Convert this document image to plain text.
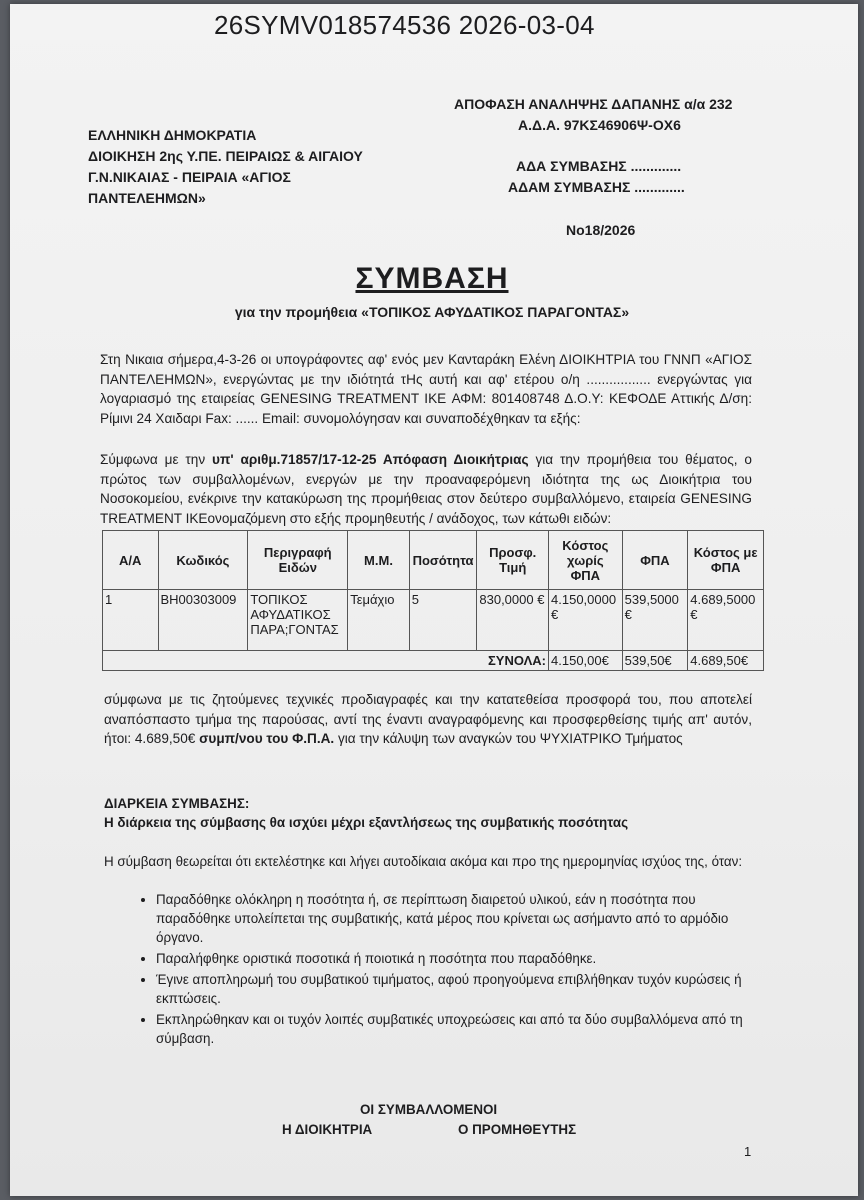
26SYMV018574536 2026-03-04
ΕΛΛΗΝΙΚΗ ΔΗΜΟΚΡΑΤΙΑ
ΔΙΟΙΚΗΣΗ 2ης Υ.ΠΕ. ΠΕΙΡΑΙΩΣ & ΑΙΓΑΙΟΥ
Γ.Ν.ΝΙΚΑΙΑΣ - ΠΕΙΡΑΙΑ «ΑΓΙΟΣ
ΠΑΝΤΕΛΕΗΜΩΝ»
ΑΠΟΦΑΣΗ ΑΝΑΛΗΨΗΣ ΔΑΠΑΝΗΣ α/α 232
Α.Δ.Α. 97ΚΣ46906Ψ-ΟΧ6
ΑΔΑ ΣΥΜΒΑΣΗΣ .............
ΑΔΑΜ ΣΥΜΒΑΣΗΣ .............
Νο18/2026
ΣΥΜΒΑΣΗ
για την προμήθεια «ΤΟΠΙΚΟΣ ΑΦΥΔΑΤΙΚΟΣ ΠΑΡΑΓΟΝΤΑΣ»
Στη Νικαια σήμερα,4-3-26 οι υπογράφοντες αφ' ενός μεν Κανταράκη Ελένη ΔΙΟΙΚΗΤΡΙΑ του ΓΝΝΠ «ΑΓΙΟΣ ΠΑΝΤΕΛΕΗΜΩΝ», ενεργώντας με την ιδιότητά τΗς αυτή και αφ' ετέρου ο/η ................. ενεργώντας για λογαριασμό της εταιρείας GENESING TREATMENT IKE ΑΦΜ: 801408748 Δ.Ο.Υ: ΚΕΦΟΔΕ Αττικής Δ/ση: Ρίμινι 24 Χαιδαρι Fax: ...... Email: συνομολόγησαν και συναποδέχθηκαν τα εξής:
Σύμφωνα με την υπ' αριθμ.71857/17-12-25 Απόφαση Διοικήτριας για την προμήθεια του θέματος, ο πρώτος των συμβαλλομένων, ενεργών με την προαναφερόμενη ιδιότητα της ως Διοικήτρια του Νοσοκομείου, ενέκρινε την κατακύρωση της προμήθειας στον δεύτερο συμβαλλόμενο, εταιρεία GENESING TREATMENT IKEονομαζόμενη στο εξής προμηθευτής / ανάδοχος, των κάτωθι ειδών:
Α/Α	Κωδικός	Περιγραφή Ειδών	Μ.Μ.	Ποσότητα	Προσφ. Τιμή	Κόστος χωρίς ΦΠΑ	ΦΠΑ	Κόστος με ΦΠΑ
1	ΒΗ00303009	ΤΟΠΙΚΟΣ ΑΦΥΔΑΤΙΚΟΣ ΠΑΡΑ;ΓΟΝΤΑΣ	Τεμάχιο	5	830,0000 €	4.150,0000 €	539,5000 €	4.689,5000 €
ΣΥΝΟΛΑ:						4.150,00€	539,50€	4.689,50€
σύμφωνα με τις ζητούμενες τεχνικές προδιαγραφές και την κατατεθείσα προσφορά του, που αποτελεί αναπόσπαστο τμήμα της παρούσας, αντί της έναντι αναγραφόμενης και προσφερθείσης τιμής απ' αυτόν, ήτοι: 4.689,50€ συμπ/νου του Φ.Π.Α. για την κάλυψη των αναγκών του ΨΥΧΙΑΤΡΙΚΟ Τμήματος
ΔΙΑΡΚΕΙΑ ΣΥΜΒΑΣΗΣ:
Η διάρκεια της σύμβασης θα ισχύει μέχρι εξαντλήσεως της συμβατικής ποσότητας
Η σύμβαση θεωρείται ότι εκτελέστηκε και λήγει αυτοδίκαια ακόμα και προ της ημερομηνίας ισχύος της, όταν:
• Παραδόθηκε ολόκληρη η ποσότητα ή, σε περίπτωση διαιρετού υλικού, εάν η ποσότητα που παραδόθηκε υπολείπεται της συμβατικής, κατά μέρος που κρίνεται ως ασήμαντο από το αρμόδιο όργανο.
• Παραλήφθηκε οριστικά ποσοτικά ή ποιοτικά η ποσότητα που παραδόθηκε.
• Έγινε αποπληρωμή του συμβατικού τιμήματος, αφού προηγούμενα επιβλήθηκαν τυχόν κυρώσεις ή εκπτώσεις.
• Εκπληρώθηκαν και οι τυχόν λοιπές συμβατικές υποχρεώσεις και από τα δύο συμβαλλόμενα από τη σύμβαση.
ΟΙ ΣΥΜΒΑΛΛΟΜΕΝΟΙ
Η ΔΙΟΙΚΗΤΡΙΑ	Ο ΠΡΟΜΗΘΕΥΤΗΣ
1
